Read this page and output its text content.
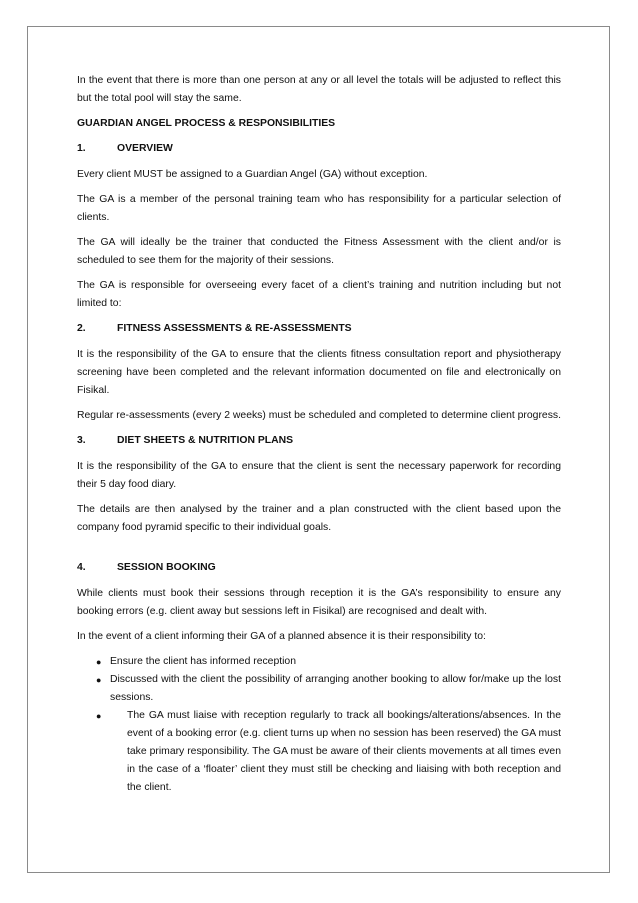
In the event that there is more than one person at any or all level the totals will be adjusted to reflect this but the total pool will stay the same.

GUARDIAN ANGEL PROCESS & RESPONSIBILITIES
1.	OVERVIEW

Every client MUST be assigned to a Guardian Angel (GA) without exception.

The GA is a member of the personal training team who has responsibility for a particular selection of clients.

The GA will ideally be the trainer that conducted the Fitness Assessment with the client and/or is scheduled to see them for the majority of their sessions.

The GA is responsible for overseeing every facet of a client’s training and nutrition including but not limited to:

2.	FITNESS ASSESSMENTS & RE-ASSESSMENTS

It is the responsibility of the GA to ensure that the clients fitness consultation report and physiotherapy screening have been completed and the relevant information documented on file and electronically on Fisikal.

Regular re-assessments (every 2 weeks) must be scheduled and completed to determine client progress.

3.	DIET SHEETS & NUTRITION PLANS

It is the responsibility of the GA to ensure that the client is sent the necessary paperwork for recording their 5 day food diary.

The details are then analysed by the trainer and a plan constructed with the client based upon the company food pyramid specific to their individual goals.

4.	SESSION BOOKING

While clients must book their sessions through reception it is the GA’s responsibility to ensure any booking errors (e.g. client away but sessions left in Fisikal) are recognised and dealt with.

In the event of a client informing their GA of a planned absence it is their responsibility to:

● Ensure the client has informed reception
● Discussed with the client the possibility of arranging another booking to allow for/make up the lost sessions.
●	The GA must liaise with reception regularly to track all bookings/alterations/absences. In the event of a booking error (e.g. client turns up when no session has been reserved) the GA must take primary responsibility. The GA must be aware of their clients movements at all times even in the case of a ‘floater’ client they must still be checking and liaising with both reception and the client.
